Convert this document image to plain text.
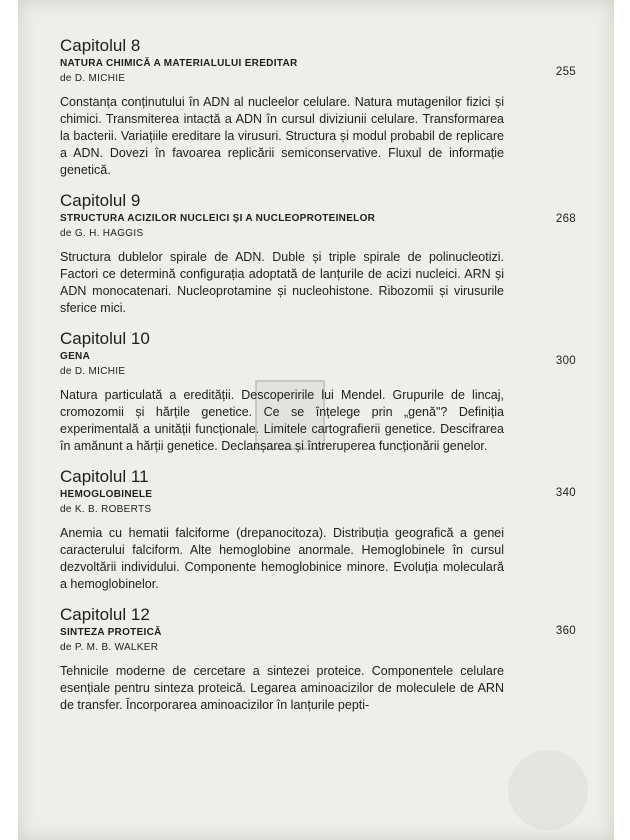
Capitolul 8
NATURA CHIMICĂ A MATERIALULUI EREDITAR
de D. MICHIE
255
Constanța conținutului în ADN al nucleelor celulare. Natura mutagenilor fizici și chimici. Transmiterea intactă a ADN în cursul diviziunii celulare. Transformarea la bacterii. Variațiile ereditare la virusuri. Structura și modul probabil de replicare a ADN. Dovezi în favoarea replicării semiconservative. Fluxul de informație genetică.
Capitolul 9
STRUCTURA ACIZILOR NUCLEICI ȘI A NUCLEOPROTEINELOR
de G. H. HAGGIS
268
Structura dublelor spirale de ADN. Duble și triple spirale de polinucleotizi. Factori ce determină configurația adoptată de lanțurile de acizi nucleici. ARN și ADN monocatenari. Nucleoprotamine și nucleohistone. Ribozomii și virusurile sferice mici.
Capitolul 10
GENA
de D. MICHIE
300
Natura particulată a eredității. Descoperirile lui Mendel. Grupurile de lincaj, cromozomii și hărțile genetice. Ce se înțelege prin „genă"? Definiția experimentală a unității funcționale. Limitele cartografierii genetice. Descifrarea în amănunt a hărții genetice. Declanșarea și întreruperea funcționării genelor.
Capitolul 11
HEMOGLOBINELE
de K. B. ROBERTS
340
Anemia cu hematii falciforme (drepanocitoza). Distribuția geografică a genei caracterului falciform. Alte hemoglobine anormale. Hemoglobinele în cursul dezvoltării individului. Componente hemoglobinice minore. Evoluția moleculară a hemoglobinelor.
Capitolul 12
SINTEZA PROTEICĂ
de P. M. B. WALKER
360
Tehnicile moderne de cercetare a sintezei proteice. Componentele celulare esențiale pentru sinteza proteică. Legarea aminoacizilor de moleculele de ARN de transfer. Încorporarea aminoacizilor în lanțurile pepti-
